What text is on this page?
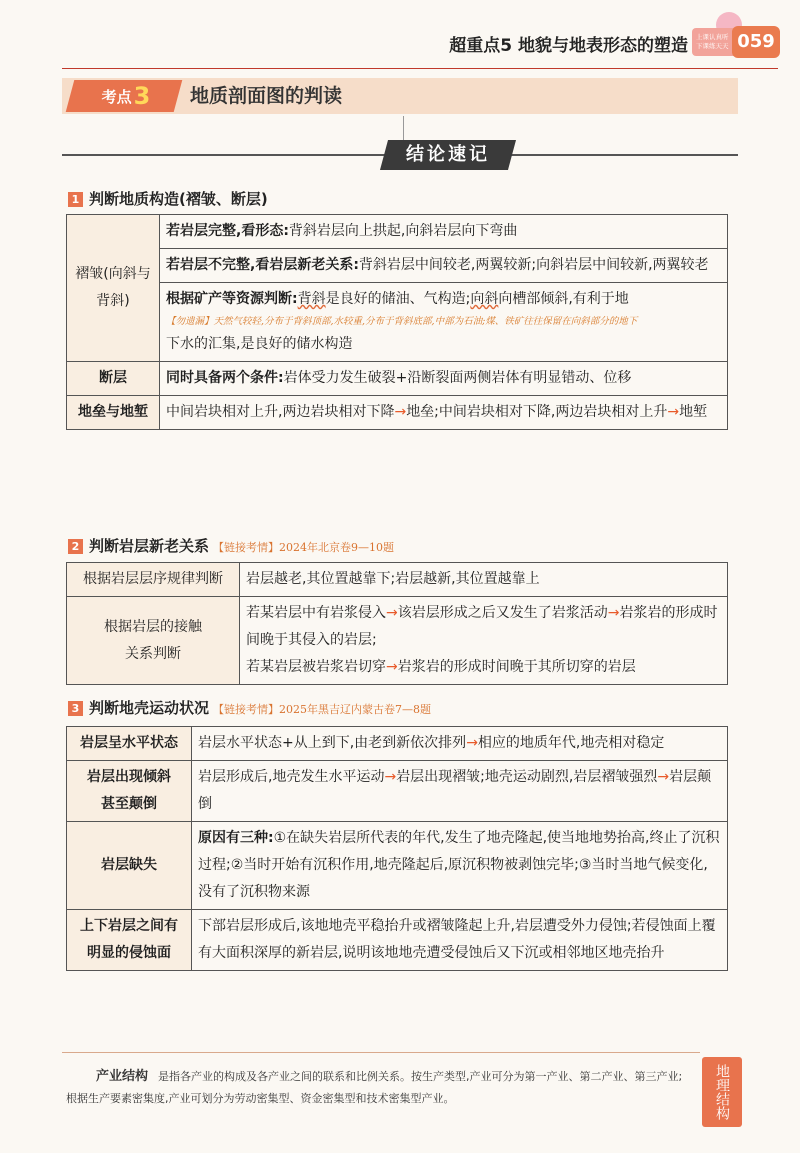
超重点5 地貌与地表形态的塑造	上课认真听 下课练天天 059
考点3	地质剖面图的判读
结论速记
1 判断地质构造(褶皱、断层)
褶皱(向斜与背斜)	若岩层完整,看形态:背斜岩层向上拱起,向斜岩层向下弯曲
	若岩层不完整,看岩层新老关系:背斜岩层中间较老,两翼较新;向斜岩层中间较新,两翼较老
	根据矿产等资源判断:背斜是良好的储油、气构造;向斜向槽部倾斜,有利于地
【勿遗漏】天然气较轻,分布于背斜顶部,水较重,分布于背斜底部,中部为石油;煤、铁矿往往保留在向斜部分的地下
下水的汇集,是良好的储水构造
断层	同时具备两个条件:岩体受力发生破裂+沿断裂面两侧岩体有明显错动、位移
地垒与地堑	中间岩块相对上升,两边岩块相对下降→地垒;中间岩块相对下降,两边岩块相对上升→地堑
2 判断岩层新老关系 【链接考情】2024年北京卷9—10题
根据岩层层序规律判断	岩层越老,其位置越靠下;岩层越新,其位置越靠上
根据岩层的接触关系判断	若某岩层中有岩浆侵入→该岩层形成之后又发生了岩浆活动→岩浆岩的形成时间晚于其侵入的岩层;
若某岩层被岩浆岩切穿→岩浆岩的形成时间晚于其所切穿的岩层
3 判断地壳运动状况 【链接考情】2025年黑吉辽内蒙古卷7—8题
岩层呈水平状态	岩层水平状态+从上到下,由老到新依次排列→相应的地质年代,地壳相对稳定
岩层出现倾斜甚至颠倒	岩层形成后,地壳发生水平运动→岩层出现褶皱;地壳运动剧烈,岩层褶皱强烈→岩层颠倒
岩层缺失	原因有三种:①在缺失岩层所代表的年代,发生了地壳隆起,使当地地势抬高,终止了沉积过程;②当时开始有沉积作用,地壳隆起后,原沉积物被剥蚀完毕;③当时当地气候变化,没有了沉积物来源
上下岩层之间有明显的侵蚀面	下部岩层形成后,该地地壳平稳抬升或褶皱隆起上升,岩层遭受外力侵蚀;若侵蚀面上覆有大面积深厚的新岩层,说明该地地壳遭受侵蚀后又下沉或相邻地区地壳抬升
产业结构 是指各产业的构成及各产业之间的联系和比例关系。按生产类型,产业可分为第一产业、第二产业、第三产业;根据生产要素密集度,产业可划分为劳动密集型、资金密集型和技术密集型产业。	地理结构
